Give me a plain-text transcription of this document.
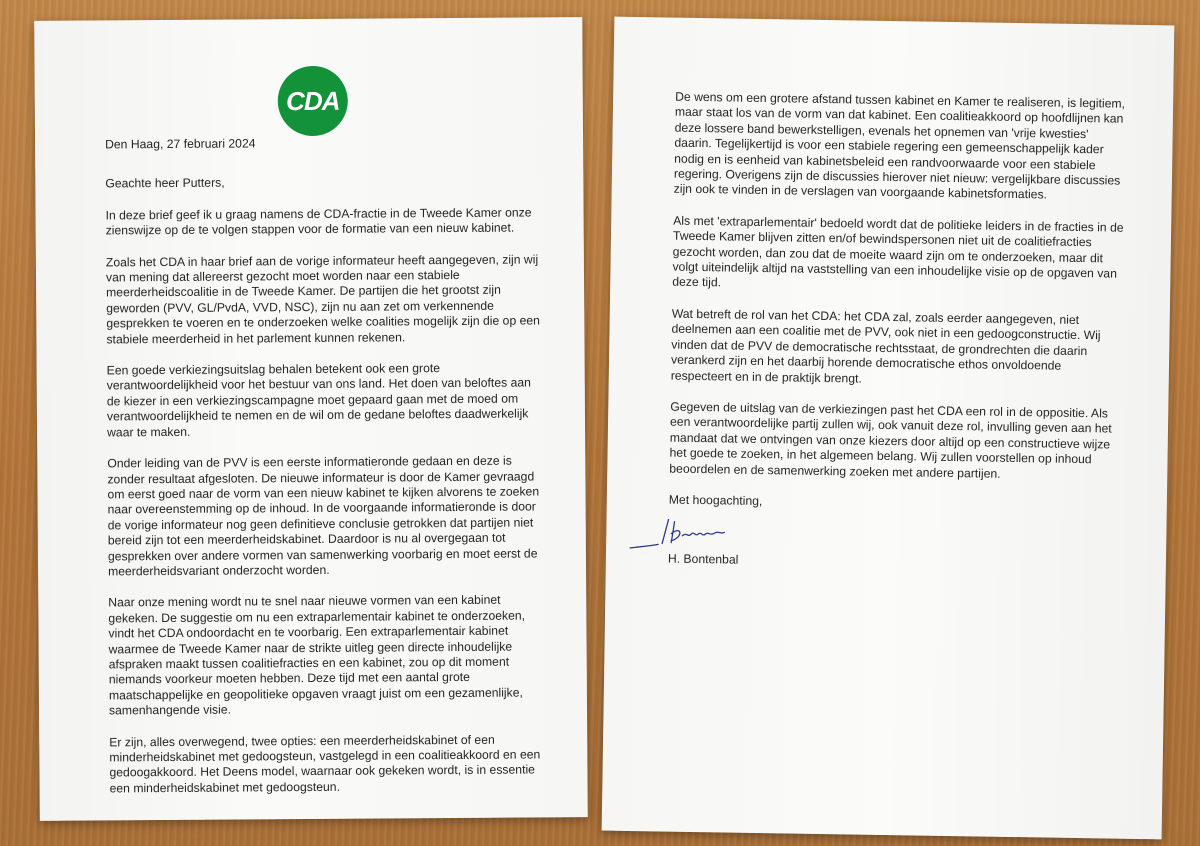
CDA

Den Haag, 27 februari 2024

Geachte heer Putters,

In deze brief geef ik u graag namens de CDA-fractie in de Tweede Kamer onze zienswijze op de te volgen stappen voor de formatie van een nieuw kabinet.

Zoals het CDA in haar brief aan de vorige informateur heeft aangegeven, zijn wij van mening dat allereerst gezocht moet worden naar een stabiele meerderheidscoalitie in de Tweede Kamer. De partijen die het grootst zijn geworden (PVV, GL/PvdA, VVD, NSC), zijn nu aan zet om verkennende gesprekken te voeren en te onderzoeken welke coalities mogelijk zijn die op een stabiele meerderheid in het parlement kunnen rekenen.

Een goede verkiezingsuitslag behalen betekent ook een grote verantwoordelijkheid voor het bestuur van ons land. Het doen van beloftes aan de kiezer in een verkiezingscampagne moet gepaard gaan met de moed om verantwoordelijkheid te nemen en de wil om de gedane beloftes daadwerkelijk waar te maken.

Onder leiding van de PVV is een eerste informatieronde gedaan en deze is zonder resultaat afgesloten. De nieuwe informateur is door de Kamer gevraagd om eerst goed naar de vorm van een nieuw kabinet te kijken alvorens te zoeken naar overeenstemming op de inhoud. In de voorgaande informatieronde is door de vorige informateur nog geen definitieve conclusie getrokken dat partijen niet bereid zijn tot een meerderheidskabinet. Daardoor is nu al overgegaan tot gesprekken over andere vormen van samenwerking voorbarig en moet eerst de meerderheidsvariant onderzocht worden.

Naar onze mening wordt nu te snel naar nieuwe vormen van een kabinet gekeken. De suggestie om nu een extraparlementair kabinet te onderzoeken, vindt het CDA ondoordacht en te voorbarig. Een extraparlementair kabinet waarmee de Tweede Kamer naar de strikte uitleg geen directe inhoudelijke afspraken maakt tussen coalitiefracties en een kabinet, zou op dit moment niemands voorkeur moeten hebben. Deze tijd met een aantal grote maatschappelijke en geopolitieke opgaven vraagt juist om een gezamenlijke, samenhangende visie.

Er zijn, alles overwegend, twee opties: een meerderheidskabinet of een minderheidskabinet met gedoogsteun, vastgelegd in een coalitieakkoord en een gedoogakkoord. Het Deens model, waarnaar ook gekeken wordt, is in essentie een minderheidskabinet met gedoogsteun.

De wens om een grotere afstand tussen kabinet en Kamer te realiseren, is legitiem, maar staat los van de vorm van dat kabinet. Een coalitieakkoord op hoofdlijnen kan deze lossere band bewerkstelligen, evenals het opnemen van 'vrije kwesties' daarin. Tegelijkertijd is voor een stabiele regering een gemeenschappelijk kader nodig en is eenheid van kabinetsbeleid een randvoorwaarde voor een stabiele regering. Overigens zijn de discussies hierover niet nieuw: vergelijkbare discussies zijn ook te vinden in de verslagen van voorgaande kabinetsformaties.

Als met 'extraparlementair' bedoeld wordt dat de politieke leiders in de fracties in de Tweede Kamer blijven zitten en/of bewindspersonen niet uit de coalitiefracties gezocht worden, dan zou dat de moeite waard zijn om te onderzoeken, maar dit volgt uiteindelijk altijd na vaststelling van een inhoudelijke visie op de opgaven van deze tijd.

Wat betreft de rol van het CDA: het CDA zal, zoals eerder aangegeven, niet deelnemen aan een coalitie met de PVV, ook niet in een gedoogconstructie. Wij vinden dat de PVV de democratische rechtsstaat, de grondrechten die daarin verankerd zijn en het daarbij horende democratische ethos onvoldoende respecteert en in de praktijk brengt.

Gegeven de uitslag van de verkiezingen past het CDA een rol in de oppositie. Als een verantwoordelijke partij zullen wij, ook vanuit deze rol, invulling geven aan het mandaat dat we ontvingen van onze kiezers door altijd op een constructieve wijze het goede te zoeken, in het algemeen belang. Wij zullen voorstellen op inhoud beoordelen en de samenwerking zoeken met andere partijen.

Met hoogachting,

H. Bontenbal
